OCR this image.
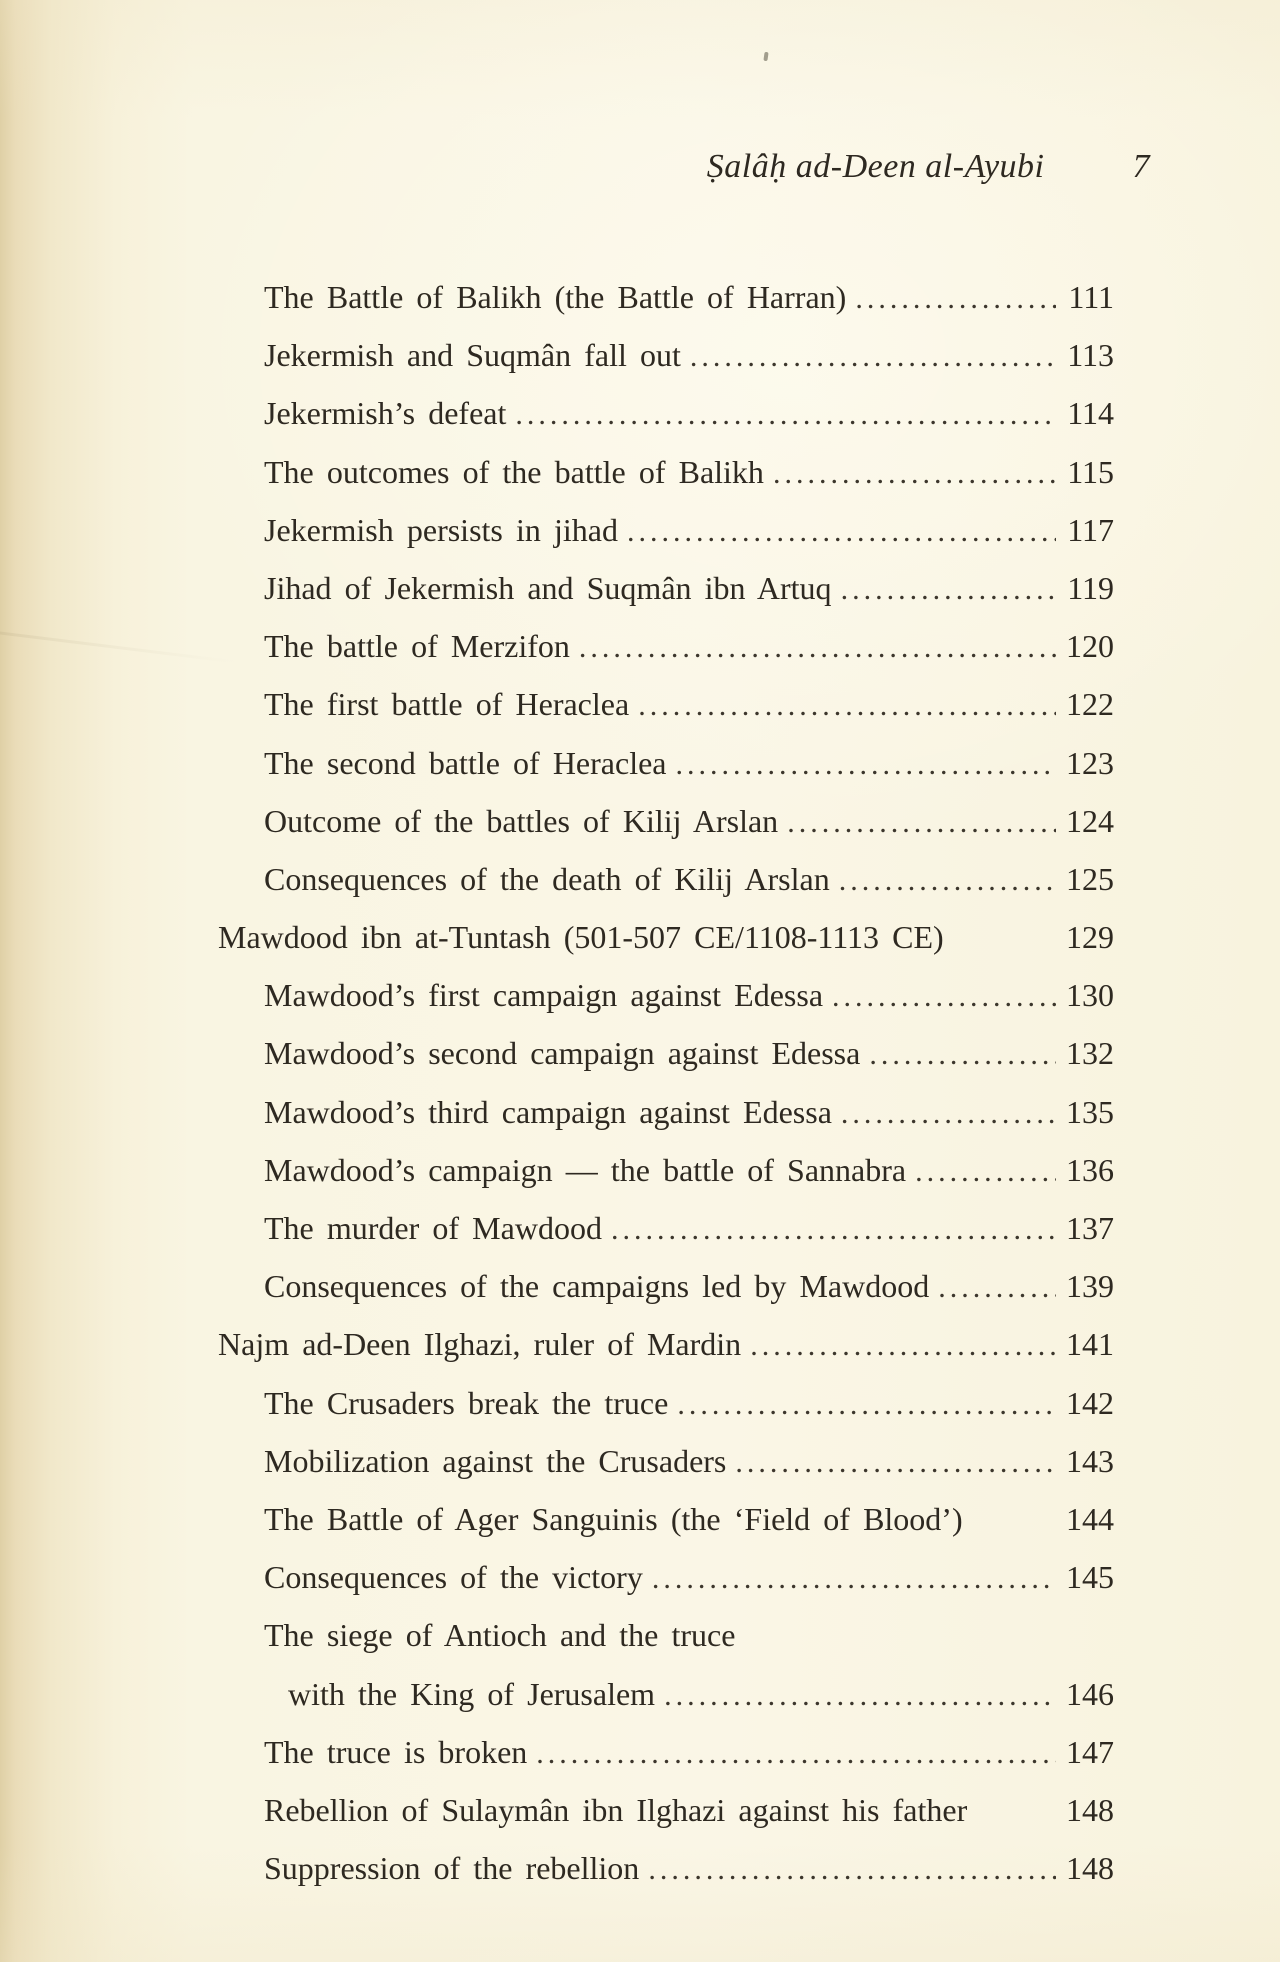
Ṣalâḥ ad-Deen al-Ayubi	7
The Battle of Balikh (the Battle of Harran) .....	111
Jekermish and Suqmân fall out .....	113
Jekermish’s defeat .....	114
The outcomes of the battle of Balikh .....	115
Jekermish persists in jihad .....	117
Jihad of Jekermish and Suqmân ibn Artuq .....	119
The battle of Merzifon .....	120
The first battle of Heraclea .....	122
The second battle of Heraclea .....	123
Outcome of the battles of Kilij Arslan .....	124
Consequences of the death of Kilij Arslan .....	125
Mawdood ibn at-Tuntash (501-507 CE/1108-1113 CE)	129
Mawdood’s first campaign against Edessa .....	130
Mawdood’s second campaign against Edessa .....	132
Mawdood’s third campaign against Edessa .....	135
Mawdood’s campaign — the battle of Sannabra .....	136
The murder of Mawdood .....	137
Consequences of the campaigns led by Mawdood .....	139
Najm ad-Deen Ilghazi, ruler of Mardin .....	141
The Crusaders break the truce .....	142
Mobilization against the Crusaders .....	143
The Battle of Ager Sanguinis (the ‘Field of Blood’)	144
Consequences of the victory .....	145
The siege of Antioch and the truce
with the King of Jerusalem .....	146
The truce is broken .....	147
Rebellion of Sulaymân ibn Ilghazi against his father	148
Suppression of the rebellion .....	148
